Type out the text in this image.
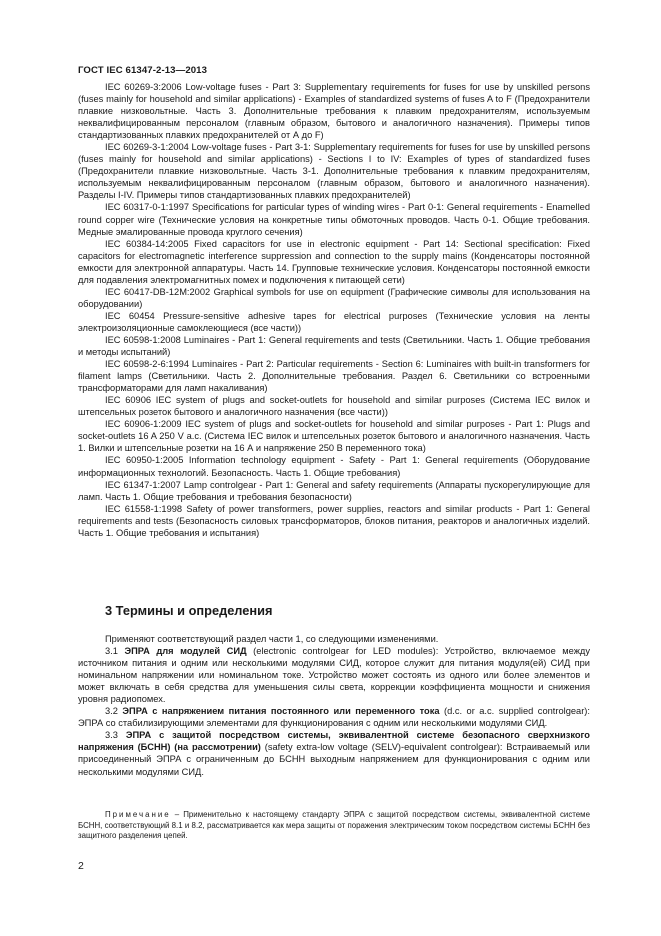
ГОСТ IEC 61347-2-13—2013

IEC 60269-3:2006 Low-voltage fuses - Part 3: Supplementary requirements for fuses for use by unskilled persons (fuses mainly for household and similar applications) - Examples of standardized systems of fuses A to F (Предохранители плавкие низковольтные. Часть 3. Дополнительные требования к плавким предохранителям, используемым неквалифицированным персоналом (главным образом, бытового и аналогичного назначения). Примеры типов стандартизованных плавких предохранителей от А до F)

IEC 60269-3-1:2004 Low-voltage fuses - Part 3-1: Supplementary requirements for fuses for use by unskilled persons (fuses mainly for household and similar applications) - Sections I to IV: Examples of types of standardized fuses (Предохранители плавкие низковольтные. Часть 3-1. Дополнительные требования к плавким предохранителям, используемым неквалифицированным персоналом (главным образом, бытового и аналогичного назначения). Разделы I-IV. Примеры типов стандартизованных плавких предохранителей)

IEC 60317-0-1:1997 Specifications for particular types of winding wires - Part 0-1: General requirements - Enamelled round copper wire (Технические условия на конкретные типы обмоточных проводов. Часть 0-1. Общие требования. Медные эмалированные провода круглого сечения)

IEC 60384-14:2005 Fixed capacitors for use in electronic equipment - Part 14: Sectional specification: Fixed capacitors for electromagnetic interference suppression and connection to the supply mains (Конденсаторы постоянной емкости для электронной аппаратуры. Часть 14. Групповые технические условия. Конденсаторы постоянной емкости для подавления электромагнитных помех и подключения к питающей сети)

IEC 60417-DB-12M:2002 Graphical symbols for use on equipment (Графические символы для использования на оборудовании)

IEC 60454 Pressure-sensitive adhesive tapes for electrical purposes (Технические условия на ленты электроизоляционные самоклеющиеся (все части))

IEC 60598-1:2008 Luminaires - Part 1: General requirements and tests (Светильники. Часть 1. Общие требования и методы испытаний)

IEC 60598-2-6:1994 Luminaires - Part 2: Particular requirements - Section 6: Luminaires with built-in transformers for filament lamps (Светильники. Часть 2. Дополнительные требования. Раздел 6. Светильники со встроенными трансформаторами для ламп накаливания)

IEC 60906 IEC system of plugs and socket-outlets for household and similar purposes (Система IEC вилок и штепсельных розеток бытового и аналогичного назначения (все части))

IEC 60906-1:2009 IEC system of plugs and socket-outlets for household and similar purposes - Part 1: Plugs and socket-outlets 16 A 250 V a.c. (Система IEC вилок и штепсельных розеток бытового и аналогичного назначения. Часть 1. Вилки и штепсельные розетки на 16 А и напряжение 250 В переменного тока)

IEC 60950-1:2005 Information technology equipment - Safety - Part 1: General requirements (Оборудование информационных технологий. Безопасность. Часть 1. Общие требования)

IEC 61347-1:2007 Lamp controlgear - Part 1: General and safety requirements (Аппараты пускорегулирующие для ламп. Часть 1. Общие требования и требования безопасности)

IEC 61558-1:1998 Safety of power transformers, power supplies, reactors and similar products - Part 1: General requirements and tests (Безопасность силовых трансформаторов, блоков питания, реакторов и аналогичных изделий. Часть 1. Общие требования и испытания)

3 Термины и определения

Применяют соответствующий раздел части 1, со следующими изменениями.

3.1 ЭПРА для модулей СИД (electronic controlgear for LED modules): Устройство, включаемое между источником питания и одним или несколькими модулями СИД, которое служит для питания модуля(ей) СИД при номинальном напряжении или номинальном токе. Устройство может состоять из одного или более элементов и может включать в себя средства для уменьшения силы света, коррекции коэффициента мощности и снижения уровня радиопомех.

3.2 ЭПРА с напряжением питания постоянного или переменного тока (d.c. or a.c. supplied controlgear): ЭПРА со стабилизирующими элементами для функционирования с одним или несколькими модулями СИД.

3.3 ЭПРА с защитой посредством системы, эквивалентной системе безопасного сверхнизкого напряжения (БСНН) (на рассмотрении) (safety extra-low voltage (SELV)-equivalent controlgear): Встраиваемый или присоединенный ЭПРА с ограниченным до БСНН выходным напряжением для функционирования с одним или несколькими модулями СИД.

Примечание – Применительно к настоящему стандарту ЭПРА с защитой посредством системы, эквивалентной системе БСНН, соответствующий 8.1 и 8.2, рассматривается как мера защиты от поражения электрическим током посредством системы БСНН без защитного разделения цепей.

2
